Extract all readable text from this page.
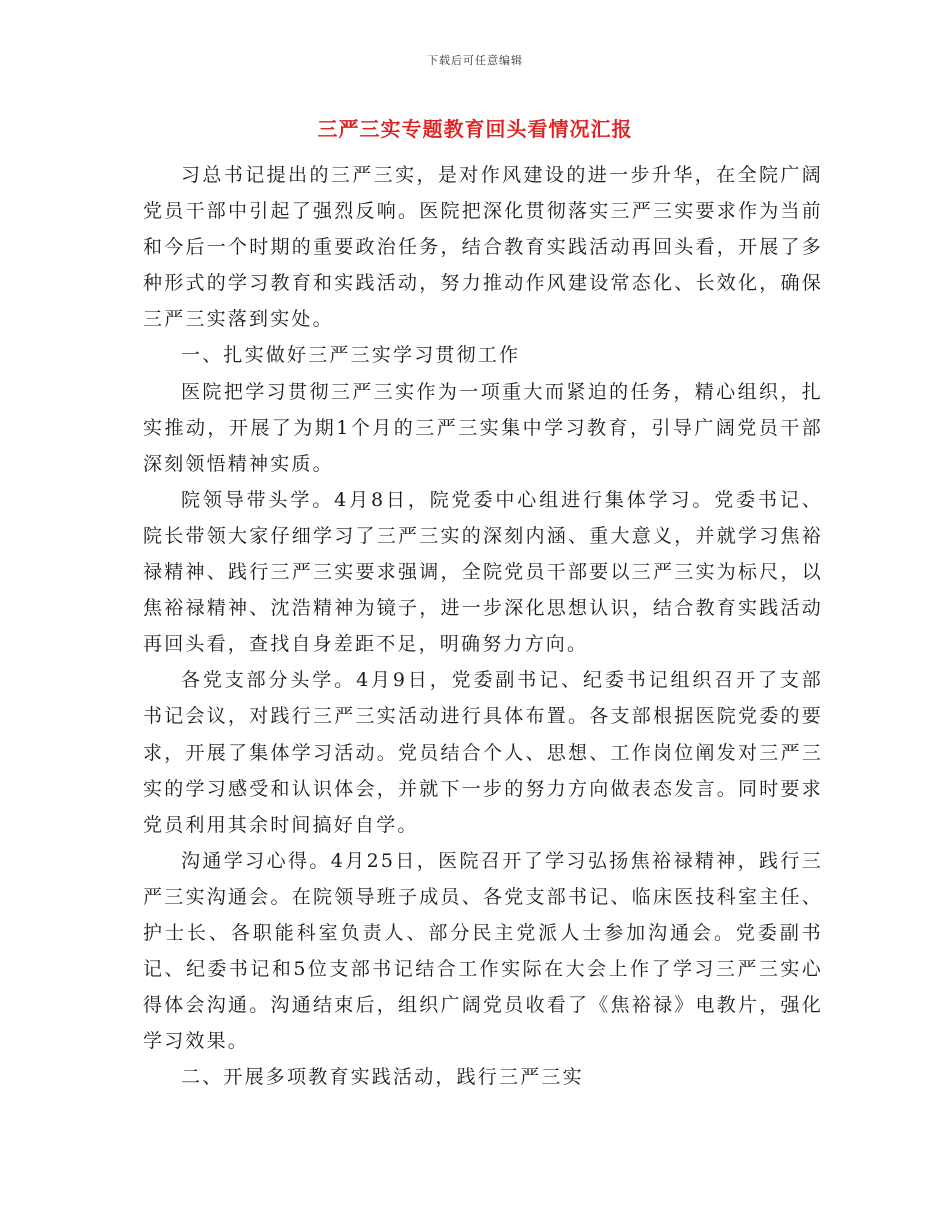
下载后可任意编辑
三严三实专题教育回头看情况汇报

习总书记提出的三严三实，是对作风建设的进一步升华，在全院广阔党员干部中引起了强烈反响。医院把深化贯彻落实三严三实要求作为当前和今后一个时期的重要政治任务，结合教育实践活动再回头看，开展了多种形式的学习教育和实践活动，努力推动作风建设常态化、长效化，确保三严三实落到实处。

一、扎实做好三严三实学习贯彻工作

医院把学习贯彻三严三实作为一项重大而紧迫的任务，精心组织，扎实推动，开展了为期1个月的三严三实集中学习教育，引导广阔党员干部深刻领悟精神实质。

院领导带头学。4月8日，院党委中心组进行集体学习。党委书记、院长带领大家仔细学习了三严三实的深刻内涵、重大意义，并就学习焦裕禄精神、践行三严三实要求强调，全院党员干部要以三严三实为标尺，以焦裕禄精神、沈浩精神为镜子，进一步深化思想认识，结合教育实践活动再回头看，查找自身差距不足，明确努力方向。

各党支部分头学。4月9日，党委副书记、纪委书记组织召开了支部书记会议，对践行三严三实活动进行具体布置。各支部根据医院党委的要求，开展了集体学习活动。党员结合个人、思想、工作岗位阐发对三严三实的学习感受和认识体会，并就下一步的努力方向做表态发言。同时要求党员利用其余时间搞好自学。

沟通学习心得。4月25日，医院召开了学习弘扬焦裕禄精神，践行三严三实沟通会。在院领导班子成员、各党支部书记、临床医技科室主任、护士长、各职能科室负责人、部分民主党派人士参加沟通会。党委副书记、纪委书记和5位支部书记结合工作实际在大会上作了学习三严三实心得体会沟通。沟通结束后，组织广阔党员收看了《焦裕禄》电教片，强化学习效果。

二、开展多项教育实践活动，践行三严三实
